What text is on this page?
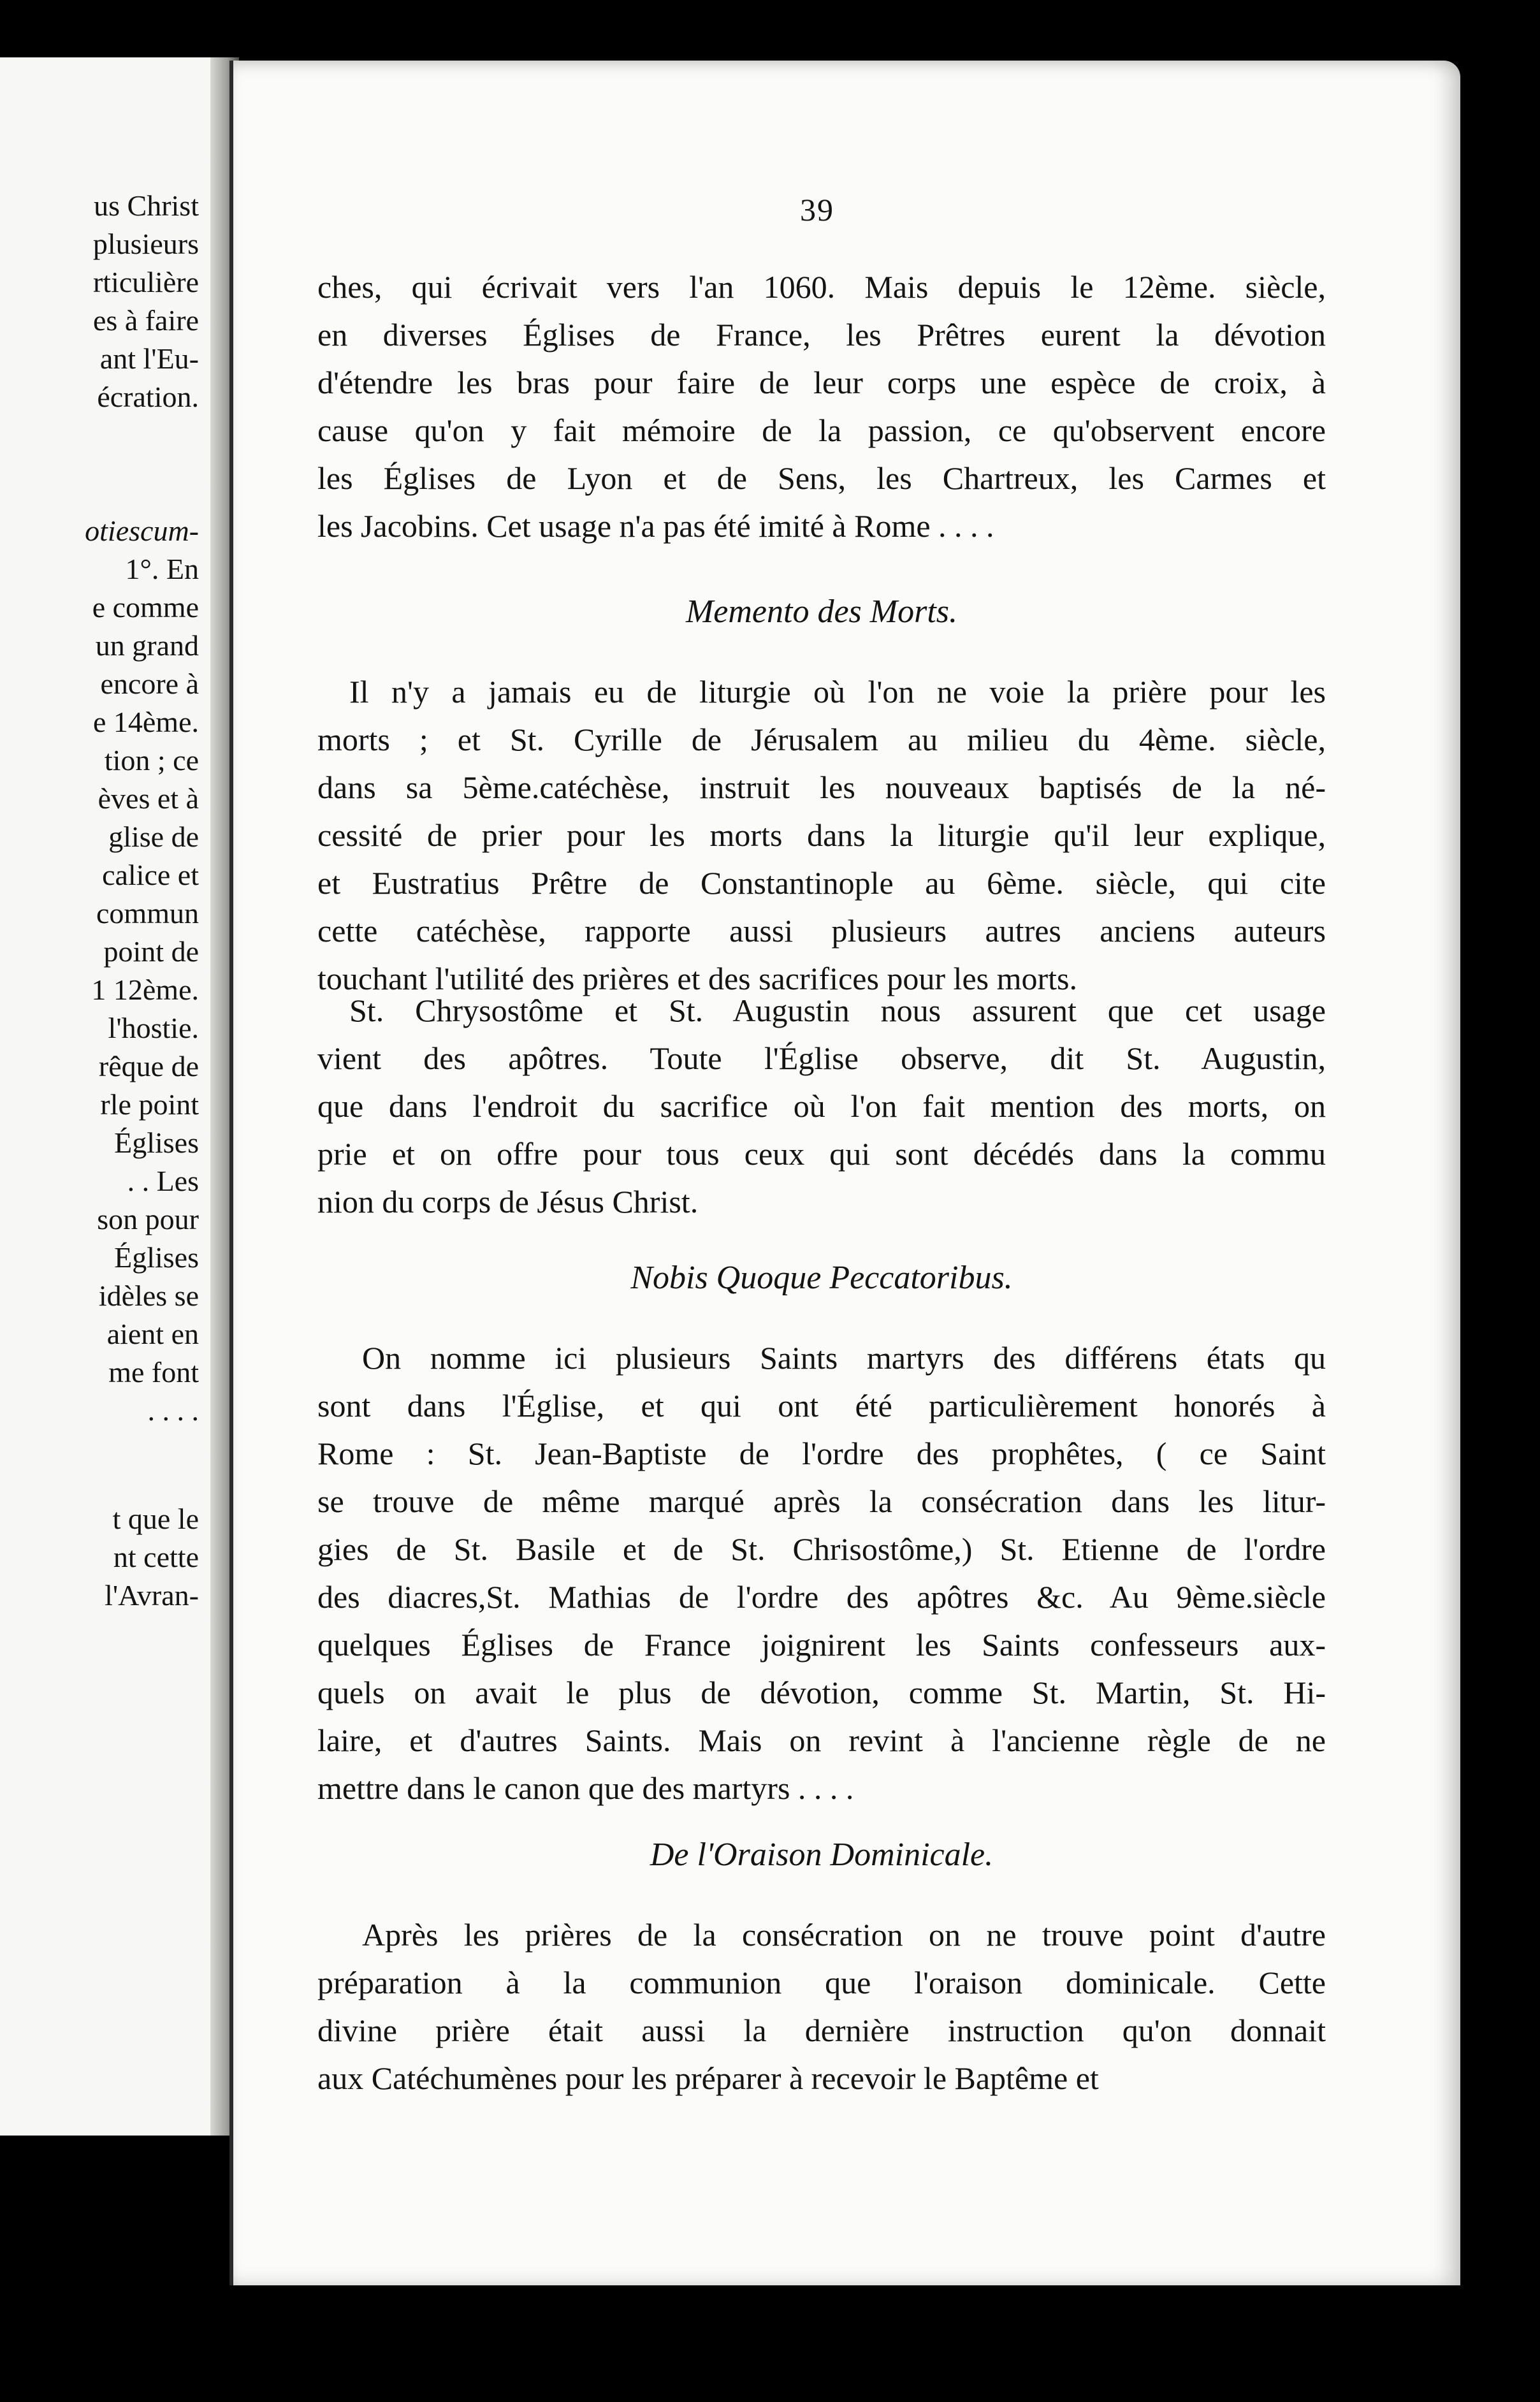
us Christ
plusieurs
rticulière
es à faire
ant l'Eu-
écration.
otiescum-
1°. En
e comme
un grand
encore à
e 14ème.
tion ; ce
èves et à
glise de
calice et
commun
point de
1 12ème.
l'hostie.
rêque de
rle point
Églises
. . Les
son pour
Églises
idèles se
aient en
me font
. . . .
t que le
nt cette
l'Avran-
39
ches, qui écrivait vers l'an 1060. Mais depuis le 12ème. siècle,
en diverses Églises de France, les Prêtres eurent la dévotion
d'étendre les bras pour faire de leur corps une espèce de croix, à
cause qu'on y fait mémoire de la passion, ce qu'observent encore
les Églises de Lyon et de Sens, les Chartreux, les Carmes et
les Jacobins. Cet usage n'a pas été imité à Rome . . . .
Memento des Morts.
Il n'y a jamais eu de liturgie où l'on ne voie la prière pour les
morts ; et St. Cyrille de Jérusalem au milieu du 4ème. siècle,
dans sa 5ème.catéchèse, instruit les nouveaux baptisés de la né-
cessité de prier pour les morts dans la liturgie qu'il leur explique,
et Eustratius Prêtre de Constantinople au 6ème. siècle, qui cite
cette catéchèse, rapporte aussi plusieurs autres anciens auteurs
touchant l'utilité des prières et des sacrifices pour les morts.
St. Chrysostôme et St. Augustin nous assurent que cet usage
vient des apôtres. Toute l'Église observe, dit St. Augustin,
que dans l'endroit du sacrifice où l'on fait mention des morts, on
prie et on offre pour tous ceux qui sont décédés dans la commu
nion du corps de Jésus Christ.
Nobis Quoque Peccatoribus.
On nomme ici plusieurs Saints martyrs des différens états qu
sont dans l'Église, et qui ont été particulièrement honorés à
Rome : St. Jean-Baptiste de l'ordre des prophêtes, ( ce Saint
se trouve de même marqué après la consécration dans les litur-
gies de St. Basile et de St. Chrisostôme,) St. Etienne de l'ordre
des diacres,St. Mathias de l'ordre des apôtres &c. Au 9ème.siècle
quelques Églises de France joignirent les Saints confesseurs aux-
quels on avait le plus de dévotion, comme St. Martin, St. Hi-
laire, et d'autres Saints. Mais on revint à l'ancienne règle de ne
mettre dans le canon que des martyrs . . . .
De l'Oraison Dominicale.
Après les prières de la consécration on ne trouve point d'autre
préparation à la communion que l'oraison dominicale. Cette
divine prière était aussi la dernière instruction qu'on donnait
aux Catéchumènes pour les préparer à recevoir le Baptême et
